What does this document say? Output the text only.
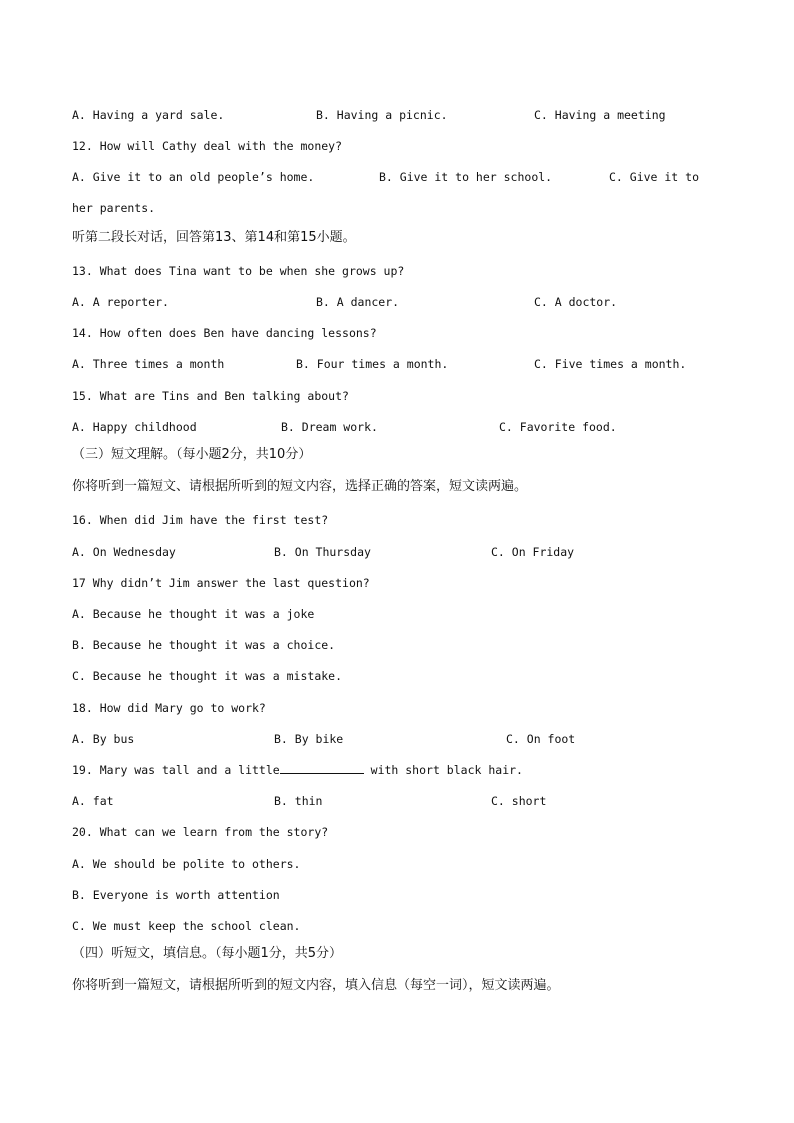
A. Having a yard sale.	B. Having a picnic.	C. Having a meeting
12. How will Cathy deal with the money?
A. Give it to an old people’s home.	B. Give it to her school.	C. Give it to
her parents.
听第二段长对话，回答第13、第14和第15小题。
13. What does Tina want to be when she grows up?
A. A reporter.	B. A dancer.	C. A doctor.
14. How often does Ben have dancing lessons?
A. Three times a month	B. Four times a month.	C. Five times a month.
15. What are Tins and Ben talking about?
A. Happy childhood	B. Dream work.	C. Favorite food.
（三）短文理解。（每小题2分，共10分）
你将听到一篇短文、请根据所听到的短文内容，选择正确的答案，短文读两遍。
16. When did Jim have the first test?
A. On Wednesday	B. On Thursday	C. On Friday
17 Why didn’t Jim answer the last question?
A. Because he thought it was a joke
B. Because he thought it was a choice.
C. Because he thought it was a mistake.
18. How did Mary go to work?
A. By bus	B. By bike	C. On foot
19. Mary was tall and a little	with short black hair.
A. fat	B. thin	C. short
20. What can we learn from the story?
A. We should be polite to others.
B. Everyone is worth attention
C. We must keep the school clean.
（四）听短文，填信息。（每小题1分，共5分）
你将听到一篇短文，请根据所听到的短文内容，填入信息（每空一词），短文读两遍。
